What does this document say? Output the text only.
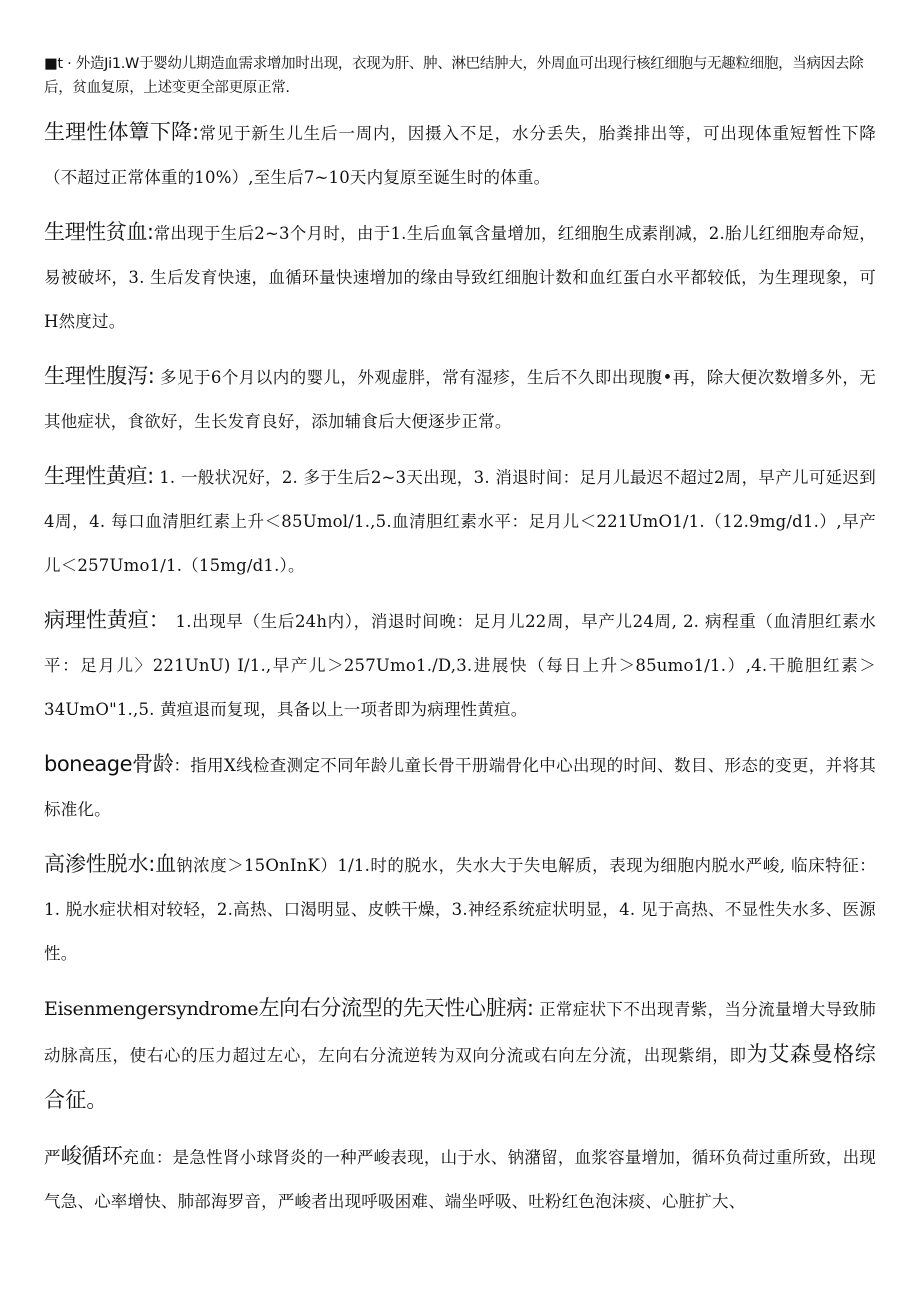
■t · 外造Ji1.W于婴幼儿期造血需求增加时出现，衣现为肝、肿、淋巴结肿大，外周血可出现行核红细胞与无趣粒细胞，当病因去除后，贫血复原，上述变更全部更原正常.

生理性体簟下降:常见于新生儿生后一周内，因摄入不足，水分丢失，胎粪排出等，可出现体重短暂性下降（不超过正常体重的10%）,至生后7~10天内复原至诞生时的体重。

生理性贫血:常出现于生后2~3个月时，由于1.生后血氧含量增加，红细胞生成素削减，2.胎儿红细胞寿命短，易被破坏，3. 生后发育快速，血循环量快速增加的缘由导致红细胞计数和血红蛋白水平都较低，为生理现象，可H然度过。

生理性腹泻: 多见于6个月以内的婴儿，外观虚胖，常有湿疹，生后不久即出现腹•再，除大便次数增多外，无其他症状，食欲好，生长发育良好，添加辅食后大便逐步正常。

生理性黄疸: 1. 一般状况好，2. 多于生后2~3天出现，3. 消退时间：足月儿最迟不超过2周，早产儿可延迟到4周，4. 每口血清胆红素上升＜85Umol/1.,5.血清胆红素水平：足月儿＜221UmO1∕1.（12.9mg∕d1.）,早产儿＜257Umo1∕1.（15mg∕d1.）。

病理性黄疸： 1.出现早（生后24h内），消退时间晚：足月儿22周，早产儿24周, 2. 病程重（血清胆红素水平：足月儿〉221UnU) I/1.,早产儿＞257Umo1./D,3.进展快（每日上升＞85umo1∕1.）,4.干脆胆红素＞34UmO"1.,5. 黄疸退而复现，具备以上一项者即为病理性黄疸。

boneage骨龄：指用X线检查测定不同年龄儿童长骨干册端骨化中心出现的时间、数目、形态的变更，并将其标准化。

高渗性脱水:血钠浓度＞15OnInK）1/1.时的脱水，失水大于失电解质，表现为细胞内脱水严峻, 临床特征：1. 脱水症状相对较轻，2.高热、口渴明显、皮帙干燥，3.神经系统症状明显，4. 见于高热、不显性失水多、医源性。

Eisenmengersyndrome左向右分流型的先天性心脏病: 正常症状下不出现青紫，当分流量增大导致肺动脉高压，使右心的压力超过左心，左向右分流逆转为双向分流或右向左分流，出现紫绢，即为艾森曼格综合征。

严峻循环充血：是急性肾小球肾炎的一种严峻表现，山于水、钠潴留，血浆容量增加，循环负荷过重所致，出现气急、心率增快、肺部海罗音，严峻者出现呼吸困难、端坐呼吸、吐粉红色泡沫痰、心脏扩大、
